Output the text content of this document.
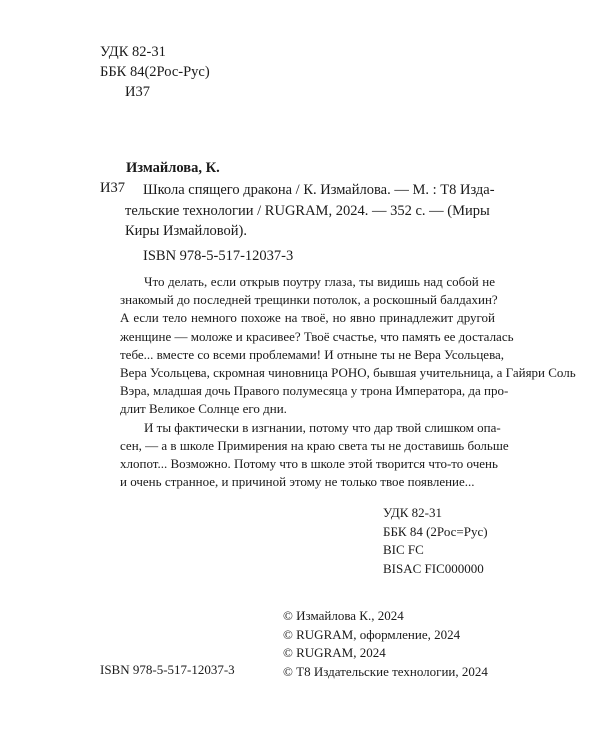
УДК 82-31
ББК 84(2Рос-Рус)
И37
Измайлова, К.
И37 Школа спящего дракона / К. Измайлова. — М. : Т8 Изда-
тельские технологии / RUGRAM, 2024. — 352 с. — (Миры
Киры Измайловой).
ISBN 978-5-517-12037-3
Что делать, если открыв поутру глаза, ты видишь над собой не
знакомый до последней трещинки потолок, а роскошный балдахин?
А если тело немного похоже на твоё, но явно принадлежит другой
женщине — моложе и красивее? Твоё счастье, что память ее досталась
тебе... вместе со всеми проблемами! И отныне ты не Вера Усольцева,
Вера Усольцева, скромная чиновница РОНО, бывшая учительница, а Гайяри Соль
Вэра, младшая дочь Правого полумесяца у трона Императора, да про-
длит Великое Солнце его дни.
И ты фактически в изгнании, потому что дар твой слишком опа-
сен, — а в школе Примирения на краю света ты не доставишь больше
хлопот... Возможно. Потому что в школе этой творится что-то очень
и очень странное, и причиной этому не только твое появление...
УДК 82-31
ББК 84 (2Рос=Рус)
BIC FC
BISAC FIC000000
© Измайлова К., 2024
© RUGRAM, оформление, 2024
© RUGRAM, 2024
© Т8 Издательские технологии, 2024
ISBN 978-5-517-12037-3
